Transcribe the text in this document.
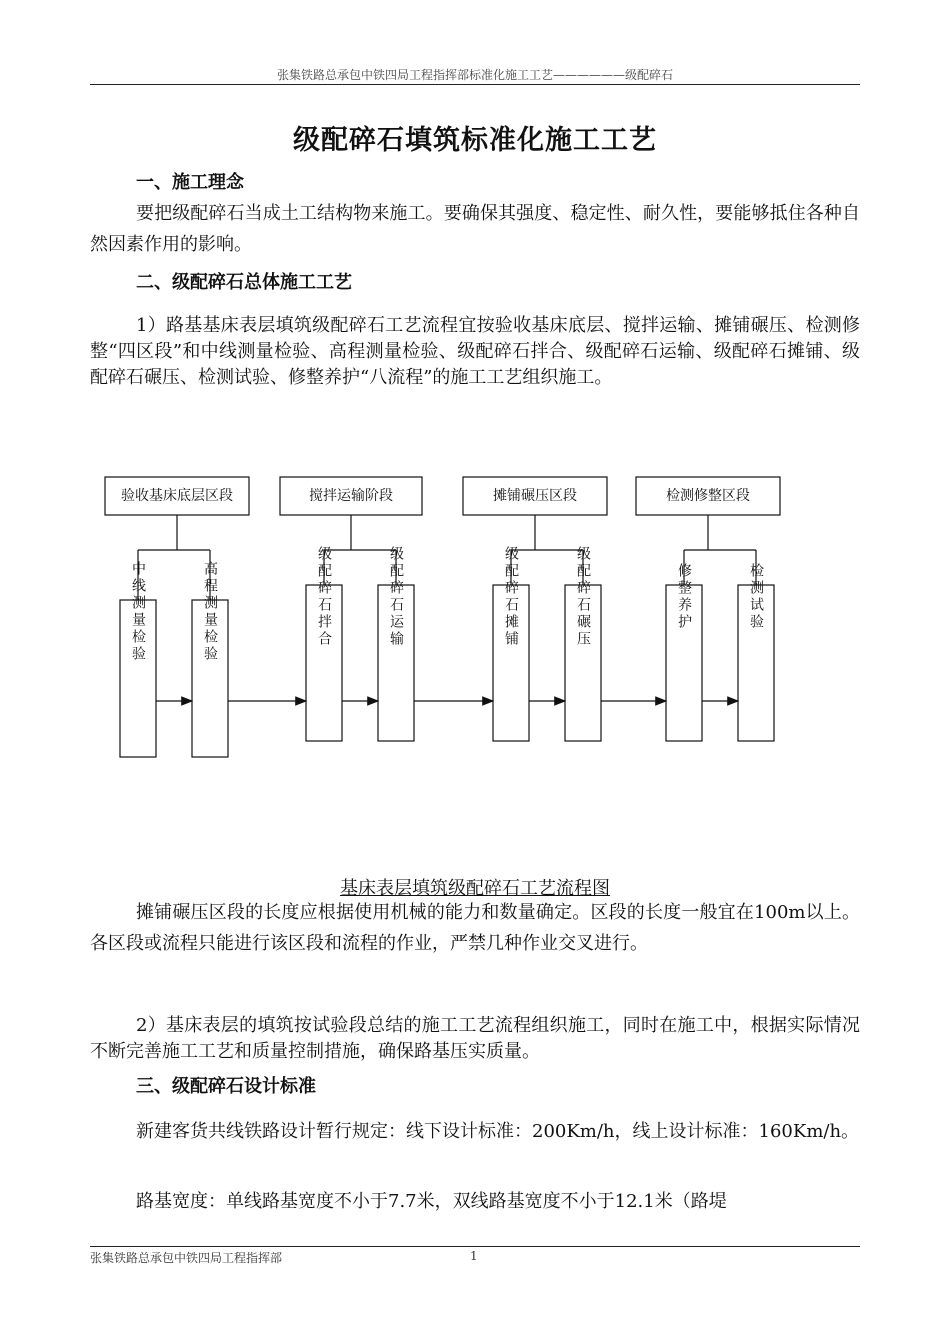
张集铁路总承包中铁四局工程指挥部标准化施工工艺——————级配碎石
级配碎石填筑标准化施工工艺
一、施工理念
要把级配碎石当成土工结构物来施工。要确保其强度、稳定性、耐久性，要能够抵住各种自然因素作用的影响。
二、级配碎石总体施工工艺
1）路基基床表层填筑级配碎石工艺流程宜按验收基床底层、搅拌运输、摊铺碾压、检测修整“四区段”和中线测量检验、高程测量检验、级配碎石拌合、级配碎石运输、级配碎石摊铺、级配碎石碾压、检测试验、修整养护“八流程”的施工工艺组织施工。
验收基床底层区段
中线测量检验	高程测量检验
搅拌运输阶段
级配碎石拌合	级配碎石运输
摊铺碾压区段
级配碎石摊铺	级配碎石碾压
检测修整区段
修整养护	检测试验
基床表层填筑级配碎石工艺流程图
摊铺碾压区段的长度应根据使用机械的能力和数量确定。区段的长度一般宜在100m以上。各区段或流程只能进行该区段和流程的作业，严禁几种作业交叉进行。
2）基床表层的填筑按试验段总结的施工工艺流程组织施工，同时在施工中，根据实际情况不断完善施工工艺和质量控制措施，确保路基压实质量。
三、级配碎石设计标准
新建客货共线铁路设计暂行规定：线下设计标准：200Km/h，线上设计标准：160Km/h。
路基宽度：单线路基宽度不小于7.7米，双线路基宽度不小于12.1米（路堤
张集铁路总承包中铁四局工程指挥部	1
